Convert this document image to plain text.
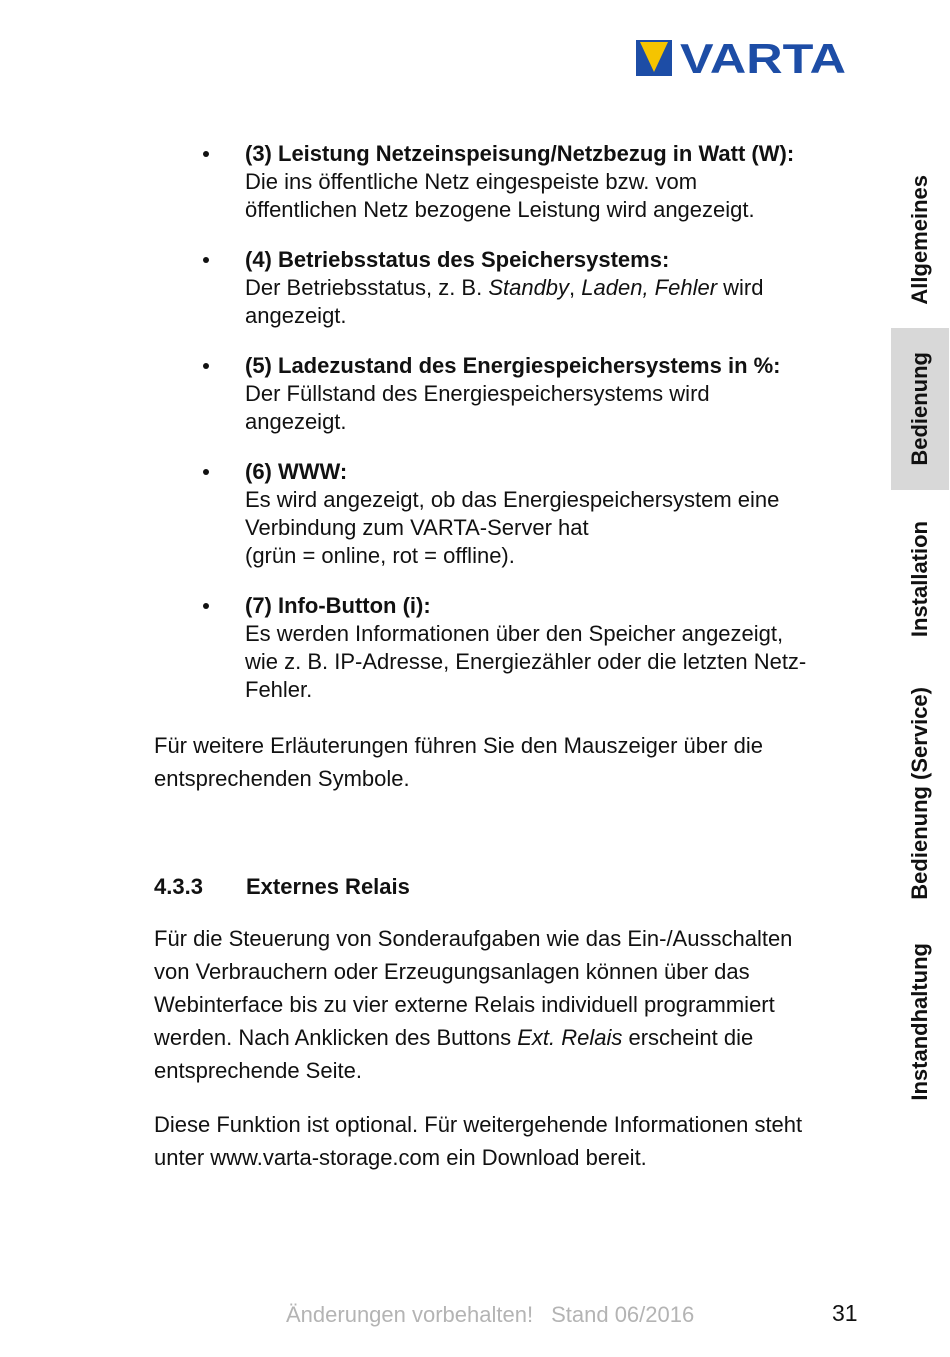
VARTA
(3) Leistung Netzeinspeisung/Netzbezug in Watt (W):
Die ins öffentliche Netz eingespeiste bzw. vom
öffentlichen Netz bezogene Leistung wird angezeigt.
(4) Betriebsstatus des Speichersystems:
Der Betriebsstatus, z. B. Standby, Laden, Fehler wird
angezeigt.
(5) Ladezustand des Energiespeichersystems in %:
Der Füllstand des Energiespeichersystems wird
angezeigt.
(6) WWW:
Es wird angezeigt, ob das Energiespeichersystem eine
Verbindung zum VARTA-Server hat
(grün = online, rot = offline).
(7) Info-Button (i):
Es werden Informationen über den Speicher angezeigt,
wie z. B. IP-Adresse, Energiezähler oder die letzten Netz-
Fehler.

Für weitere Erläuterungen führen Sie den Mauszeiger über die
entsprechenden Symbole.

4.3.3 Externes Relais

Für die Steuerung von Sonderaufgaben wie das Ein-/Ausschalten
von Verbrauchern oder Erzeugungsanlagen können über das
Webinterface bis zu vier externe Relais individuell programmiert
werden. Nach Anklicken des Buttons Ext. Relais erscheint die
entsprechende Seite.

Diese Funktion ist optional. Für weitergehende Informationen steht
unter www.varta-storage.com ein Download bereit.

Allgemeines
Bedienung
Installation
Bedienung (Service)
Instandhaltung
Änderungen vorbehalten! Stand 06/2016	31
